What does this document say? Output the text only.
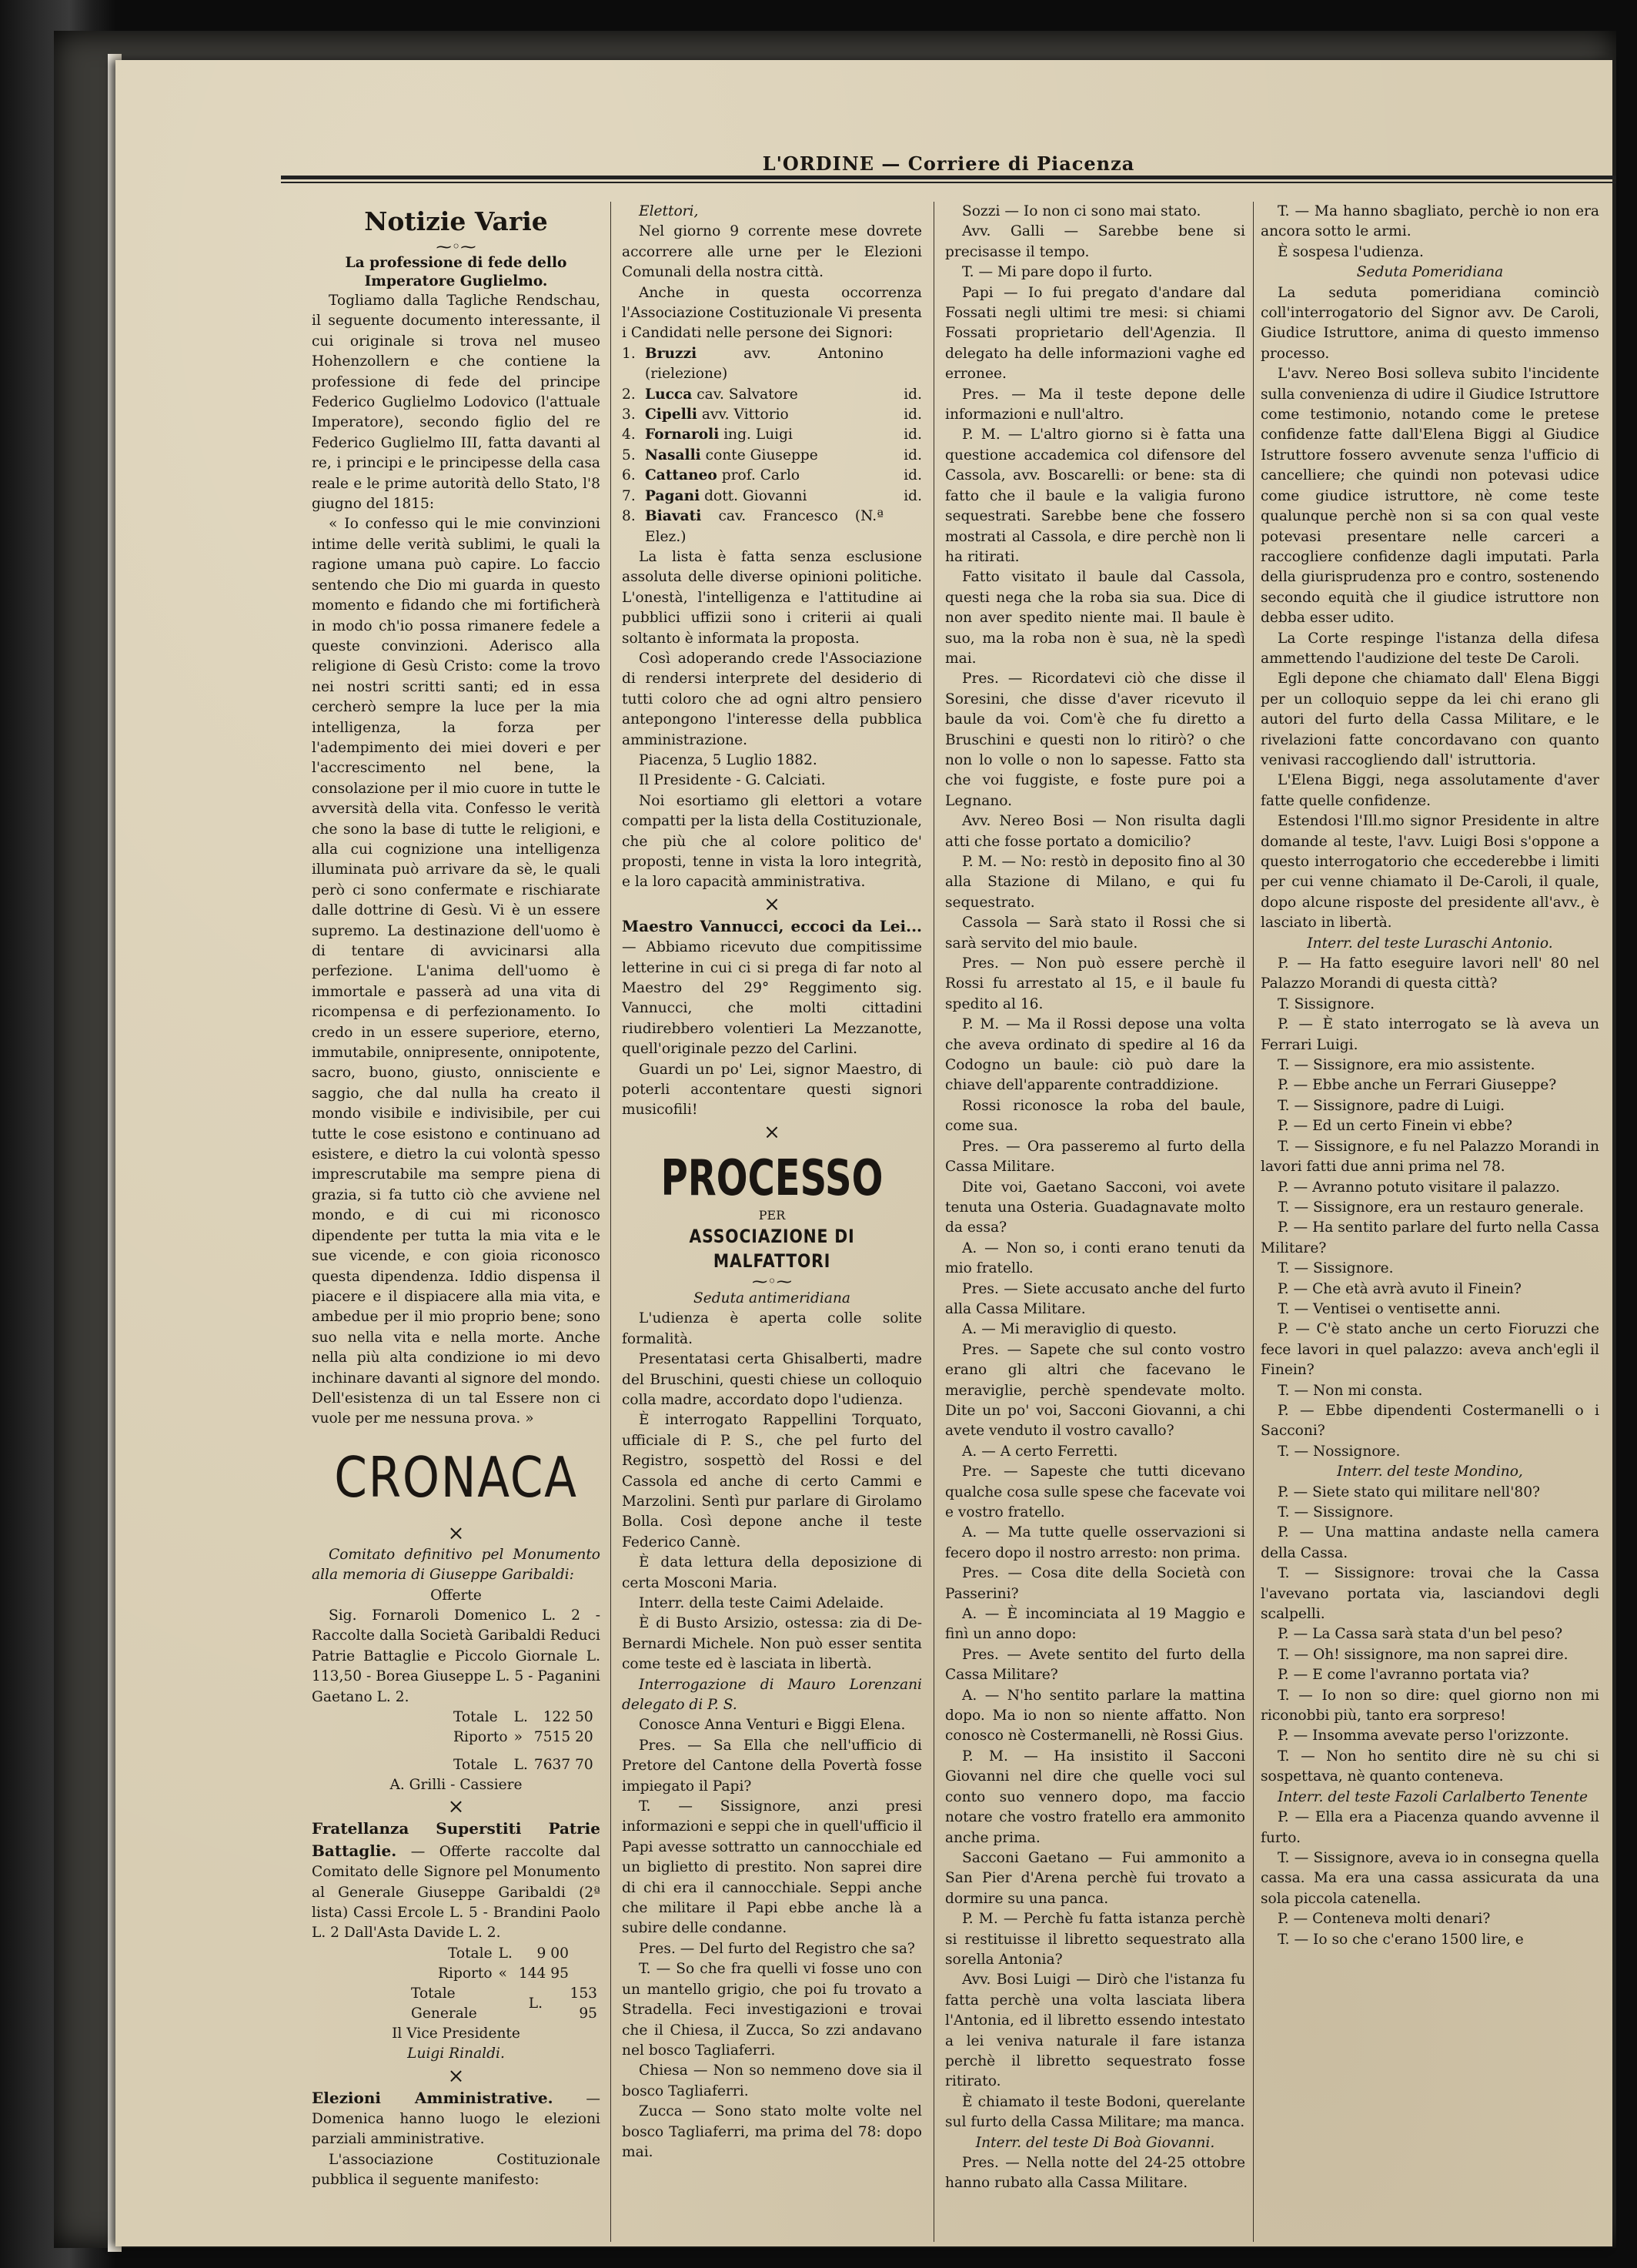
L'ORDINE — Corriere di Piacenza
Notizie Varie
⁓◦⁓
La professione di fede dello Imperatore Guglielmo.

Togliamo dalla Tagliche Rendschau, il seguente documento interessante, il cui originale si trova nel museo Hohenzollern e che contiene la professione di fede del principe Federico Guglielmo Lodovico (l'attuale Imperatore), secondo figlio del re Federico Guglielmo III, fatta davanti al re, i principi e le principesse della casa reale e le prime autorità dello Stato, l'8 giugno del 1815:

« Io confesso qui le mie convinzioni intime delle verità sublimi, le quali la ragione umana può capire. Lo faccio sentendo che Dio mi guarda in questo momento e fidando che mi fortificherà in modo ch'io possa rimanere fedele a queste convinzioni. Aderisco alla religione di Gesù Cristo: come la trovo nei nostri scritti santi; ed in essa cercherò sempre la luce per la mia intelligenza, la forza per l'adempimento dei miei doveri e per l'accrescimento nel bene, la consolazione per il mio cuore in tutte le avversità della vita. Confesso le verità che sono la base di tutte le religioni, e alla cui cognizione una intelligenza illuminata può arrivare da sè, le quali però ci sono confermate e rischiarate dalle dottrine di Gesù. Vi è un essere supremo. La destinazione dell'uomo è di tentare di avvicinarsi alla perfezione. L'anima dell'uomo è immortale e passerà ad una vita di ricompensa e di perfezionamento. Io credo in un essere superiore, eterno, immutabile, onnipresente, onnipotente, sacro, buono, giusto, onnisciente e saggio, che dal nulla ha creato il mondo visibile e indivisibile, per cui tutte le cose esistono e continuano ad esistere, e dietro la cui volontà spesso imprescrutabile ma sempre piena di grazia, si fa tutto ciò che avviene nel mondo, e di cui mi riconosco dipendente per tutta la mia vita e le sue vicende, e con gioia riconosco questa dipendenza. Iddio dispensa il piacere e il dispiacere alla mia vita, e ambedue per il mio proprio bene; sono suo nella vita e nella morte. Anche nella più alta condizione io mi devo inchinare davanti al signore del mondo. Dell'esistenza di un tal Essere non ci vuole per me nessuna prova. »

CRONACA
×

Comitato definitivo pel Monumento alla memoria di Giuseppe Garibaldi:

Offerte

Sig. Fornaroli Domenico L. 2 - Raccolte dalla Società Garibaldi Reduci Patrie Battaglie e Piccolo Giornale L. 113,50 - Borea Giuseppe L. 5 - Paganini Gaetano L. 2.

Totale	L.	122 50
Riporto	»	7515 20

Totale	L.	7637 70

A. Grilli - Cassiere

×

Fratellanza Superstiti Patrie Battaglie. — Offerte raccolte dal Comitato delle Signore pel Monumento al Generale Giuseppe Garibaldi (2ª lista) Cassi Ercole L. 5 - Brandini Paolo L. 2 Dall'Asta Davide L. 2.

Totale	L.	9 00
Riporto	«	144 95
Totale Generale	L.	153 95

Il Vice Presidente

Luigi Rinaldi.

×

Elezioni Amministrative. — Domenica hanno luogo le elezioni parziali amministrative.

L'associazione Costituzionale pubblica il seguente manifesto:

Elettori,

Nel giorno 9 corrente mese dovrete accorrere alle urne per le Elezioni Comunali della nostra città.

Anche in questa occorrenza l'Associazione Costituzionale Vi presenta i Candidati nelle persone dei Signori:

1. Bruzzi	avv. Antonino (rielezione)
2. Lucca cav. Salvatore	id.
3. Cipelli avv. Vittorio	id.
4. Fornaroli ing. Luigi	id.
5. Nasalli conte Giuseppe	id.
6. Cattaneo prof. Carlo	id.
7. Pagani dott. Giovanni	id.
8. Biavati cav. Francesco (N.ª Elez.)

La lista è fatta senza esclusione assoluta delle diverse opinioni politiche. L'onestà, l'intelligenza e l'attitudine ai pubblici uffizii sono i criterii ai quali soltanto è informata la proposta.

Così adoperando crede l'Associazione di rendersi interprete del desiderio di tutti coloro che ad ogni altro pensiero antepongono l'interesse della pubblica amministrazione.

Piacenza, 5 Luglio 1882.

Il Presidente - G. Calciati.

Noi esortiamo gli elettori a votare compatti per la lista della Costituzionale, che più che al colore politico de' proposti, tenne in vista la loro integrità, e la loro capacità amministrativa.

×

Maestro Vannucci, eccoci da Lei... — Abbiamo ricevuto due compitissime letterine in cui ci si prega di far noto al Maestro del 29° Reggimento sig. Vannucci, che molti cittadini riudirebbero volentieri La Mezzanotte, quell'originale pezzo del Carlini.

Guardi un po' Lei, signor Maestro, di poterli accontentare questi signori musicofili!

×
PROCESSO
PER
ASSOCIAZIONE DI MALFATTORI
⁓◦⁓

Seduta antimeridiana

L'udienza è aperta colle solite formalità.

Presentatasi certa Ghisalberti, madre del Bruschini, questi chiese un colloquio colla madre, accordato dopo l'udienza.

È interrogato Rappellini Torquato, ufficiale di P. S., che pel furto del Registro, sospettò del Rossi e del Cassola ed anche di certo Cammi e Marzolini. Sentì pur parlare di Girolamo Bolla. Così depone anche il teste Federico Cannè.

È data lettura della deposizione di certa Mosconi Maria.

Interr. della teste Caimi Adelaide.

È di Busto Arsizio, ostessa: zia di De-Bernardi Michele. Non può esser sentita come teste ed è lasciata in libertà.

Interrogazione di Mauro Lorenzani delegato di P. S.

Conosce Anna Venturi e Biggi Elena.

Pres. — Sa Ella che nell'ufficio di Pretore del Cantone della Povertà fosse impiegato il Papi?

T. — Sissignore, anzi presi informazioni e seppi che in quell'ufficio il Papi avesse sottratto un cannocchiale ed un biglietto di prestito. Non saprei dire di chi era il cannocchiale. Seppi anche che militare il Papi ebbe anche là a subire delle condanne.

Pres. — Del furto del Registro che sa?

T. — So che fra quelli vi fosse uno con un mantello grigio, che poi fu trovato a Stradella. Feci investigazioni e trovai che il Chiesa, il Zucca, So zzi andavano nel bosco Tagliaferri.

Chiesa — Non so nemmeno dove sia il bosco Tagliaferri.

Zucca — Sono stato molte volte nel bosco Tagliaferri, ma prima del 78: dopo mai.

Sozzi — Io non ci sono mai stato.

Avv. Galli — Sarebbe bene si precisasse il tempo.

T. — Mi pare dopo il furto.

Papi — Io fui pregato d'andare dal Fossati negli ultimi tre mesi: si chiami Fossati proprietario dell'Agenzia. Il delegato ha delle informazioni vaghe ed erronee.

Pres. — Ma il teste depone delle informazioni e null'altro.

P. M. — L'altro giorno si è fatta una questione accademica col difensore del Cassola, avv. Boscarelli: or bene: sta di fatto che il baule e la valigia furono sequestrati. Sarebbe bene che fossero mostrati al Cassola, e dire perchè non li ha ritirati.

Fatto visitato il baule dal Cassola, questi nega che la roba sia sua. Dice di non aver spedito niente mai. Il baule è suo, ma la roba non è sua, nè la spedì mai.

Pres. — Ricordatevi ciò che disse il Soresini, che disse d'aver ricevuto il baule da voi. Com'è che fu diretto a Bruschini e questi non lo ritirò? o che non lo volle o non lo sapesse. Fatto sta che voi fuggiste, e foste pure poi a Legnano.

Avv. Nereo Bosi — Non risulta dagli atti che fosse portato a domicilio?

P. M. — No: restò in deposito fino al 30 alla Stazione di Milano, e qui fu sequestrato.

Cassola — Sarà stato il Rossi che si sarà servito del mio baule.

Pres. — Non può essere perchè il Rossi fu arrestato al 15, e il baule fu spedito al 16.

P. M. — Ma il Rossi depose una volta che aveva ordinato di spedire al 16 da Codogno un baule: ciò può dare la chiave dell'apparente contraddizione.

Rossi riconosce la roba del baule, come sua.

Pres. — Ora passeremo al furto della Cassa Militare.

Dite voi, Gaetano Sacconi, voi avete tenuta una Osteria. Guadagnavate molto da essa?

A. — Non so, i conti erano tenuti da mio fratello.

Pres. — Siete accusato anche del furto alla Cassa Militare.

A. — Mi meraviglio di questo.

Pres. — Sapete che sul conto vostro erano gli altri che facevano le meraviglie, perchè spendevate molto. Dite un po' voi, Sacconi Giovanni, a chi avete venduto il vostro cavallo?

A. — A certo Ferretti.

Pre. — Sapeste che tutti dicevano qualche cosa sulle spese che facevate voi e vostro fratello.

A. — Ma tutte quelle osservazioni si fecero dopo il nostro arresto: non prima.

Pres. — Cosa dite della Società con Passerini?

A. — È incominciata al 19 Maggio e finì un anno dopo:

Pres. — Avete sentito del furto della Cassa Militare?

A. — N'ho sentito parlare la mattina dopo. Ma io non so niente affatto. Non conosco nè Costermanelli, nè Rossi Gius.

P. M. — Ha insistito il Sacconi Giovanni nel dire che quelle voci sul conto suo vennero dopo, ma faccio notare che vostro fratello era ammonito anche prima.

Sacconi Gaetano — Fui ammonito a San Pier d'Arena perchè fui trovato a dormire su una panca.

P. M. — Perchè fu fatta istanza perchè si restituisse il libretto sequestrato alla sorella Antonia?

Avv. Bosi Luigi — Dirò che l'istanza fu fatta perchè una volta lasciata libera l'Antonia, ed il libretto essendo intestato a lei veniva naturale il fare istanza perchè il libretto sequestrato fosse ritirato.

È chiamato il teste Bodoni, querelante sul furto della Cassa Militare; ma manca.

Interr. del teste Di Boà Giovanni.

Pres. — Nella notte del 24-25 ottobre hanno rubato alla Cassa Militare.

T. — Ma hanno sbagliato, perchè io non era ancora sotto le armi.

È sospesa l'udienza.

Seduta Pomeridiana

La seduta pomeridiana cominciò coll'interrogatorio del Signor avv. De Caroli, Giudice Istruttore, anima di questo immenso processo.

L'avv. Nereo Bosi solleva subito l'incidente sulla convenienza di udire il Giudice Istruttore come testimonio, notando come le pretese confidenze fatte dall'Elena Biggi al Giudice Istruttore fossero avvenute senza l'ufficio di cancelliere; che quindi non potevasi udice come giudice istruttore, nè come teste qualunque perchè non si sa con qual veste potevasi presentare nelle carceri a raccogliere confidenze dagli imputati. Parla della giurisprudenza pro e contro, sostenendo secondo equità che il giudice istruttore non debba esser udito.

La Corte respinge l'istanza della difesa ammettendo l'audizione del teste De Caroli.

Egli depone che chiamato dall' Elena Biggi per un colloquio seppe da lei chi erano gli autori del furto della Cassa Militare, e le rivelazioni fatte concordavano con quanto venivasi raccogliendo dall' istruttoria.

L'Elena Biggi, nega assolutamente d'aver fatte quelle confidenze.

Estendosi l'Ill.mo signor Presidente in altre domande al teste, l'avv. Luigi Bosi s'oppone a questo interrogatorio che eccederebbe i limiti per cui venne chiamato il De-Caroli, il quale, dopo alcune risposte del presidente all'avv., è lasciato in libertà.

Interr. del teste Luraschi Antonio.

P. — Ha fatto eseguire lavori nell' 80 nel Palazzo Morandi di questa città?

T. Sissignore.

P. — È stato interrogato se là aveva un Ferrari Luigi.

T. — Sissignore, era mio assistente.

P. — Ebbe anche un Ferrari Giuseppe?

T. — Sissignore, padre di Luigi.

P. — Ed un certo Finein vi ebbe?

T. — Sissignore, e fu nel Palazzo Morandi in lavori fatti due anni prima nel 78.

P. — Avranno potuto visitare il palazzo.

T. — Sissignore, era un restauro generale.

P. — Ha sentito parlare del furto nella Cassa Militare?

T. — Sissignore.

P. — Che età avrà avuto il Finein?

T. — Ventisei o ventisette anni.

P. — C'è stato anche un certo Fioruzzi che fece lavori in quel palazzo: aveva anch'egli il Finein?

T. — Non mi consta.

P. — Ebbe dipendenti Costermanelli o i Sacconi?

T. — Nossignore.

Interr. del teste Mondino,

P. — Siete stato qui militare nell'80?

T. — Sissignore.

P. — Una mattina andaste nella camera della Cassa.

T. — Sissignore: trovai che la Cassa l'avevano portata via, lasciandovi degli scalpelli.

P. — La Cassa sarà stata d'un bel peso?

T. — Oh! sissignore, ma non saprei dire.

P. — E come l'avranno portata via?

T. — Io non so dire: quel giorno non mi riconobbi più, tanto era sorpreso!

P. — Insomma avevate perso l'orizzonte.

T. — Non ho sentito dire nè su chi si sospettava, nè quanto conteneva.

Interr. del teste Fazoli Carlalberto Tenente

P. — Ella era a Piacenza quando avvenne il furto.

T. — Sissignore, aveva io in consegna quella cassa. Ma era una cassa assicurata da una sola piccola catenella.

P. — Conteneva molti denari?

T. — Io so che c'erano 1500 lire, e
